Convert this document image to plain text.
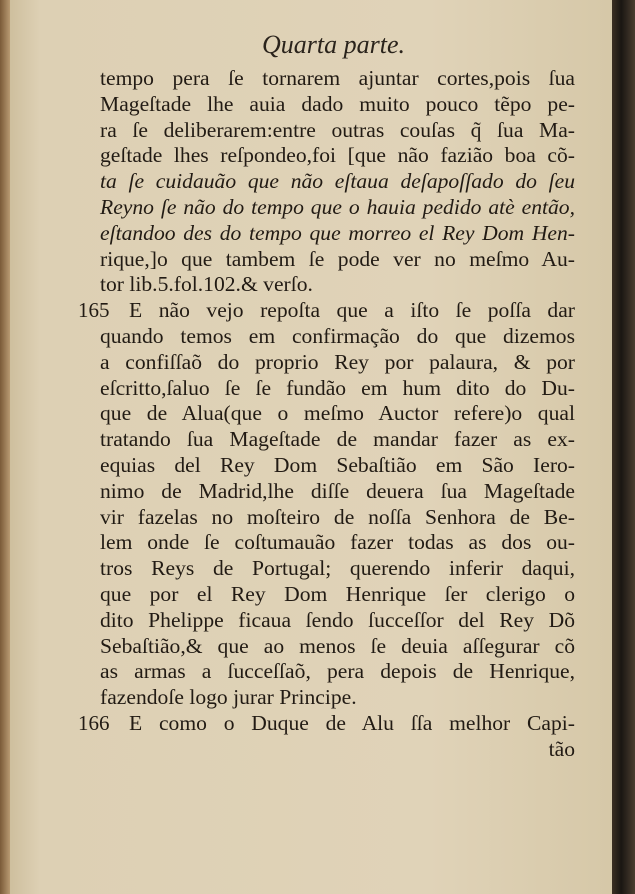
Quarta parte.
tempo pera ſe tornarem ajuntar cortes,pois ſua
Mageſtade lhe auia dado muito pouco tẽpo pe-
ra ſe deliberarem:entre outras couſas q̃ ſua Ma-
geſtade lhes reſpondeo,foi [que não fazião boa cõ-
ta ſe cuidauão que não eſtaua deſapoſſado do ſeu
Reyno ſe não do tempo que o hauia pedido atè então,
eſtandoo des do tempo que morreo el Rey Dom Hen-
rique,]o que tambem ſe pode ver no meſmo Au-
tor lib.5.fol.102.& verſo.
165 E não vejo repoſta que a iſto ſe poſſa dar
quando temos em confirmação do que dizemos
a confiſſaõ do proprio Rey por palaura, & por
eſcritto,ſaluo ſe ſe fundão em hum dito do Du-
que de Alua(que o meſmo Auctor refere)o qual
tratando ſua Mageſtade de mandar fazer as ex-
equias del Rey Dom Sebaſtião em São Iero-
nimo de Madrid,lhe diſſe deuera ſua Mageſtade
vir fazelas no moſteiro de noſſa Senhora de Be-
lem onde ſe coſtumauão fazer todas as dos ou-
tros Reys de Portugal; querendo inferir daqui,
que por el Rey Dom Henrique ſer clerigo o
dito Phelippe ficaua ſendo ſucceſſor del Rey Dõ
Sebaſtião,& que ao menos ſe deuia aſſegurar cõ
as armas a ſucceſſaõ, pera depois de Henrique,
fazendoſe logo jurar Principe.
166 E como o Duque de Alu ſſa melhor Capi-
tão
